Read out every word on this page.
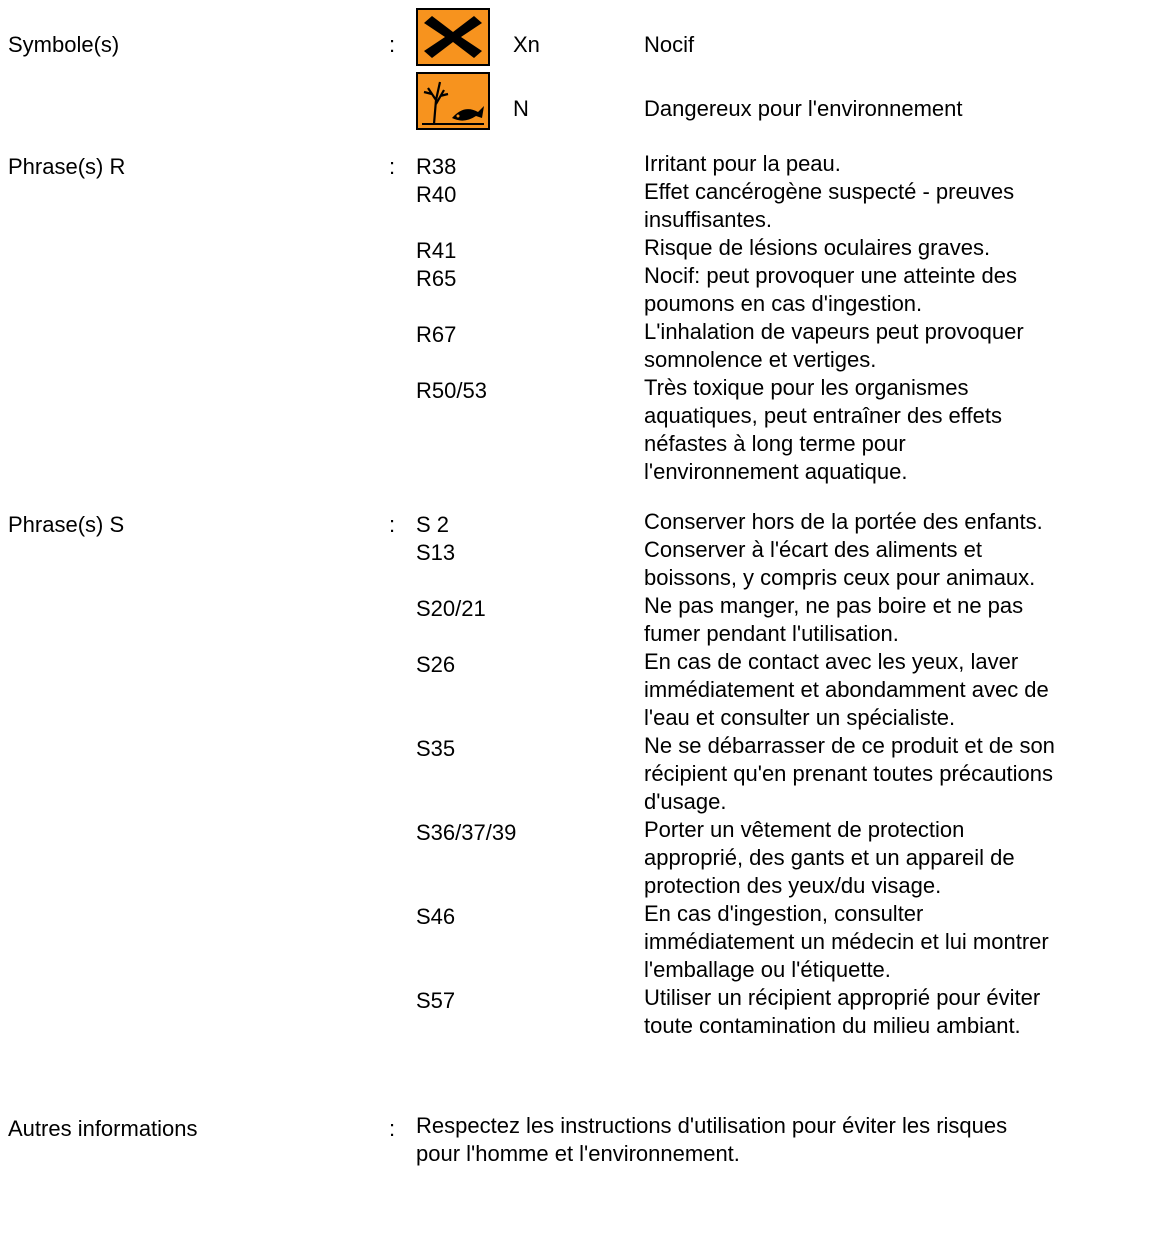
Symbole(s)	:	Xn	Nocif
N	Dangereux pour l'environnement
Phrase(s) R	: R38	Irritant pour la peau.
R40	Effet cancérogène suspecté - preuves
insuffisantes.
R41	Risque de lésions oculaires graves.
R65	Nocif: peut provoquer une atteinte des
poumons en cas d'ingestion.
R67	L'inhalation de vapeurs peut provoquer
somnolence et vertiges.
R50/53	Très toxique pour les organismes
aquatiques, peut entraîner des effets
néfastes à long terme pour
l'environnement aquatique.
Phrase(s) S	: S 2	Conserver hors de la portée des enfants.
S13	Conserver à l'écart des aliments et
boissons, y compris ceux pour animaux.
S20/21	Ne pas manger, ne pas boire et ne pas
fumer pendant l'utilisation.
S26	En cas de contact avec les yeux, laver
immédiatement et abondamment avec de
l'eau et consulter un spécialiste.
S35	Ne se débarrasser de ce produit et de son
récipient qu'en prenant toutes précautions
d'usage.
S36/37/39	Porter un vêtement de protection
approprié, des gants et un appareil de
protection des yeux/du visage.
S46	En cas d'ingestion, consulter
immédiatement un médecin et lui montrer
l'emballage ou l'étiquette.
S57	Utiliser un récipient approprié pour éviter
toute contamination du milieu ambiant.
Autres informations	: Respectez les instructions d'utilisation pour éviter les risques
pour l'homme et l'environnement.
